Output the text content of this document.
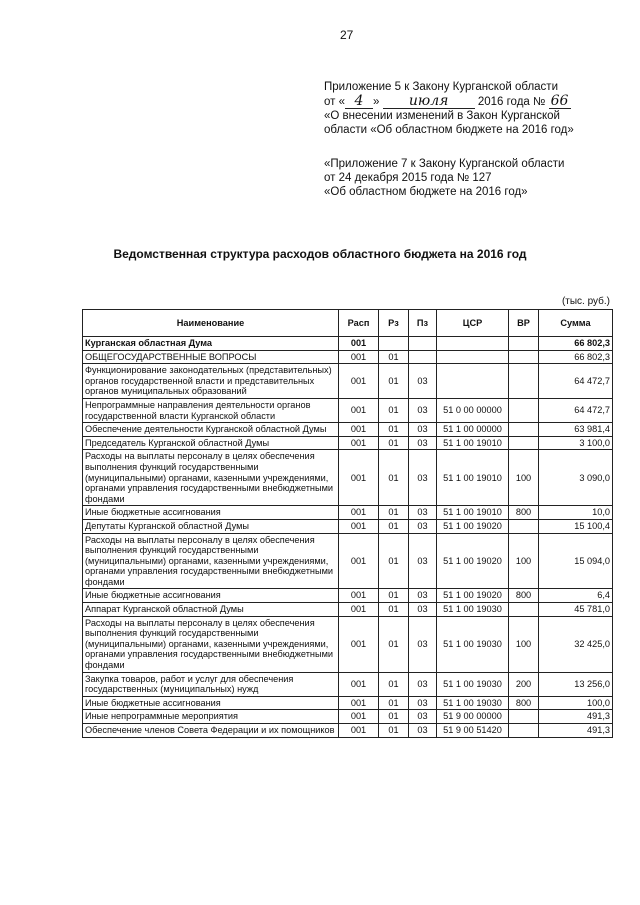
27
Приложение 5 к Закону Курганской области
от « 4 » июля	2016 года № 66
«О внесении изменений в Закон Курганской
области «Об областном бюджете на 2016 год»
«Приложение 7 к Закону Курганской области
от 24 декабря 2015 года № 127
«Об областном бюджете на 2016 год»
Ведомственная структура расходов областного бюджета на 2016 год
(тыс. руб.)
Наименование	Расп	Рз	Пз	ЦСР	ВР	Сумма
Курганская областная Дума	001					66 802,3
ОБЩЕГОСУДАРСТВЕННЫЕ ВОПРОСЫ	001	01				66 802,3
Функционирование законодательных (представительных) органов государственной власти и представительных органов муниципальных образований	001	01	03			64 472,7
Непрограммные направления деятельности органов государственной власти Курганской области	001	01	03	51 0 00 00000		64 472,7
Обеспечение деятельности Курганской областной Думы	001	01	03	51 1 00 00000		63 981,4
Председатель Курганской областной Думы	001	01	03	51 1 00 19010		3 100,0
Расходы на выплаты персоналу в целях обеспечения выполнения функций государственными (муниципальными) органами, казенными учреждениями, органами управления государственными внебюджетными фондами	001	01	03	51 1 00 19010	100	3 090,0
Иные бюджетные ассигнования	001	01	03	51 1 00 19010	800	10,0
Депутаты Курганской областной Думы	001	01	03	51 1 00 19020		15 100,4
Расходы на выплаты персоналу в целях обеспечения выполнения функций государственными (муниципальными) органами, казенными учреждениями, органами управления государственными внебюджетными фондами	001	01	03	51 1 00 19020	100	15 094,0
Иные бюджетные ассигнования	001	01	03	51 1 00 19020	800	6,4
Аппарат Курганской областной Думы	001	01	03	51 1 00 19030		45 781,0
Расходы на выплаты персоналу в целях обеспечения выполнения функций государственными (муниципальными) органами, казенными учреждениями, органами управления государственными внебюджетными фондами	001	01	03	51 1 00 19030	100	32 425,0
Закупка товаров, работ и услуг для обеспечения государственных (муниципальных) нужд	001	01	03	51 1 00 19030	200	13 256,0
Иные бюджетные ассигнования	001	01	03	51 1 00 19030	800	100,0
Иные непрограммные мероприятия	001	01	03	51 9 00 00000		491,3
Обеспечение членов Совета Федерации и их помощников	001	01	03	51 9 00 51420		491,3
